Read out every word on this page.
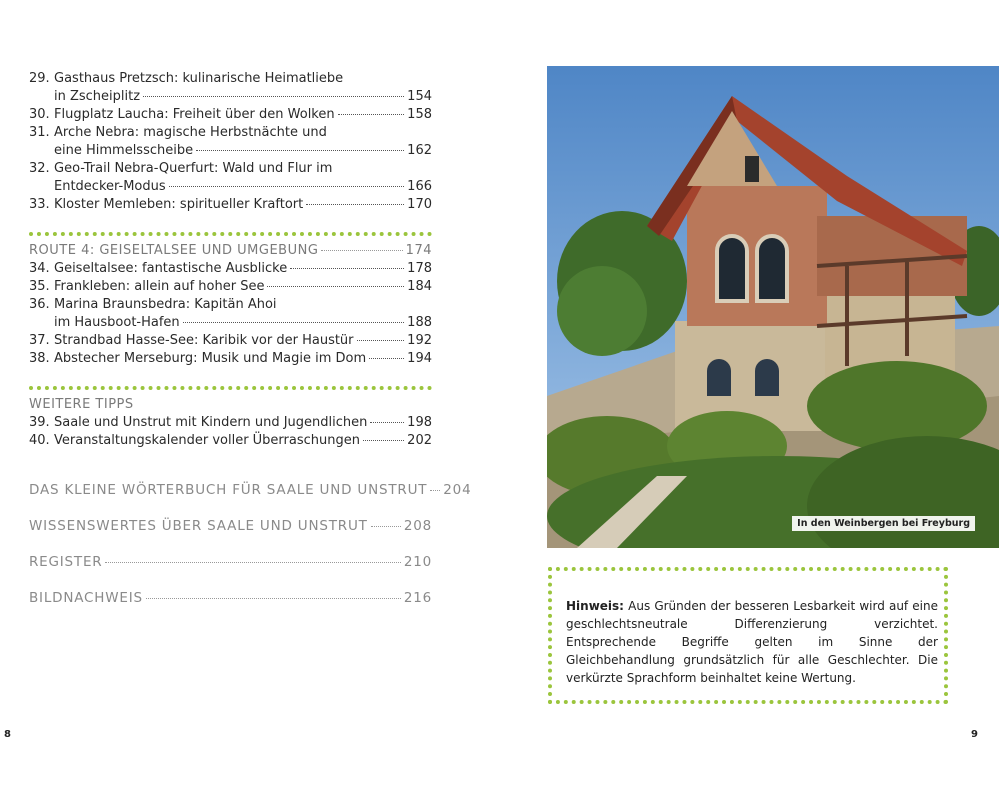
29. Gasthaus Pretzsch: kulinarische Heimatliebe
in Zscheiplitz	154
30. Flugplatz Laucha: Freiheit über den Wolken	158
31. Arche Nebra: magische Herbstnächte und
eine Himmelsscheibe	162
32. Geo-Trail Nebra-Querfurt: Wald und Flur im
Entdecker-Modus	166
33. Kloster Memleben: spiritueller Kraftort	170
ROUTE 4: GEISELTALSEE UND UMGEBUNG	174
34. Geiseltalsee: fantastische Ausblicke	178
35. Frankleben: allein auf hoher See	184
36. Marina Braunsbedra: Kapitän Ahoi
im Hausboot-Hafen	188
37. Strandbad Hasse-See: Karibik vor der Haustür	192
38. Abstecher Merseburg: Musik und Magie im Dom	194
WEITERE TIPPS
39. Saale und Unstrut mit Kindern und Jugendlichen	198
40. Veranstaltungskalender voller Überraschungen	202
DAS KLEINE WÖRTERBUCH FÜR SAALE UND UNSTRUT 204
WISSENSWERTES ÜBER SAALE UND UNSTRUT	208
REGISTER	210
BILDNACHWEIS	216
8
In den Weinbergen bei Freyburg
Hinweis: Aus Gründen der besseren Lesbarkeit wird auf eine geschlechtsneutrale Differenzierung verzichtet. Entsprechende Begriffe gelten im Sinne der Gleichbehandlung grundsätzlich für alle Geschlechter. Die verkürzte Sprachform beinhaltet keine Wertung.
9
